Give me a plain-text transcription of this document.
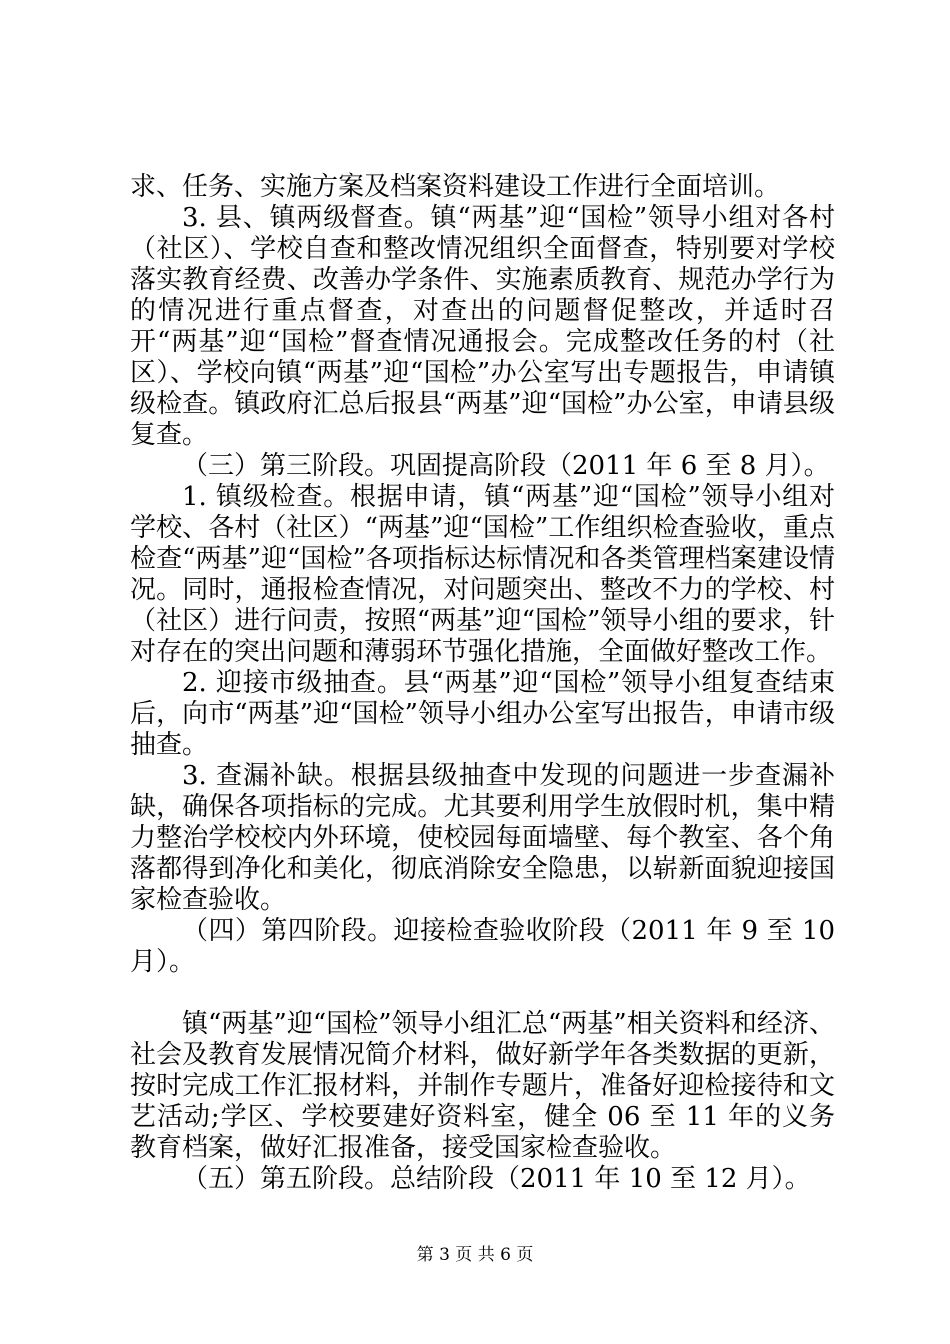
求、任务、实施方案及档案资料建设工作进行全面培训。

3. 县、镇两级督查。镇“两基”迎“国检”领导小组对各村（社区）、学校自查和整改情况组织全面督查，特别要对学校落实教育经费、改善办学条件、实施素质教育、规范办学行为的情况进行重点督查，对查出的问题督促整改，并适时召开“两基”迎“国检”督查情况通报会。完成整改任务的村（社区）、学校向镇“两基”迎“国检”办公室写出专题报告，申请镇级检查。镇政府汇总后报县“两基”迎“国检”办公室，申请县级复查。

（三）第三阶段。巩固提高阶段（2011 年 6 至 8 月）。

1. 镇级检查。根据申请，镇“两基”迎“国检”领导小组对学校、各村（社区）“两基”迎“国检”工作组织检查验收，重点检查“两基”迎“国检”各项指标达标情况和各类管理档案建设情况。同时，通报检查情况，对问题突出、整改不力的学校、村（社区）进行问责，按照“两基”迎“国检”领导小组的要求，针对存在的突出问题和薄弱环节强化措施，全面做好整改工作。

2. 迎接市级抽查。县“两基”迎“国检”领导小组复查结束后，向市“两基”迎“国检”领导小组办公室写出报告，申请市级抽查。

3. 查漏补缺。根据县级抽查中发现的问题进一步查漏补缺，确保各项指标的完成。尤其要利用学生放假时机，集中精力整治学校校内外环境，使校园每面墙壁、每个教室、各个角落都得到净化和美化，彻底消除安全隐患，以崭新面貌迎接国家检查验收。

（四）第四阶段。迎接检查验收阶段（2011 年 9 至 10 月）。

镇“两基”迎“国检”领导小组汇总“两基”相关资料和经济、社会及教育发展情况简介材料，做好新学年各类数据的更新，按时完成工作汇报材料，并制作专题片，准备好迎检接待和文艺活动;学区、学校要建好资料室，健全 06 至 11 年的义务教育档案，做好汇报准备，接受国家检查验收。

（五）第五阶段。总结阶段（2011 年 10 至 12 月）。

第 3 页 共 6 页
